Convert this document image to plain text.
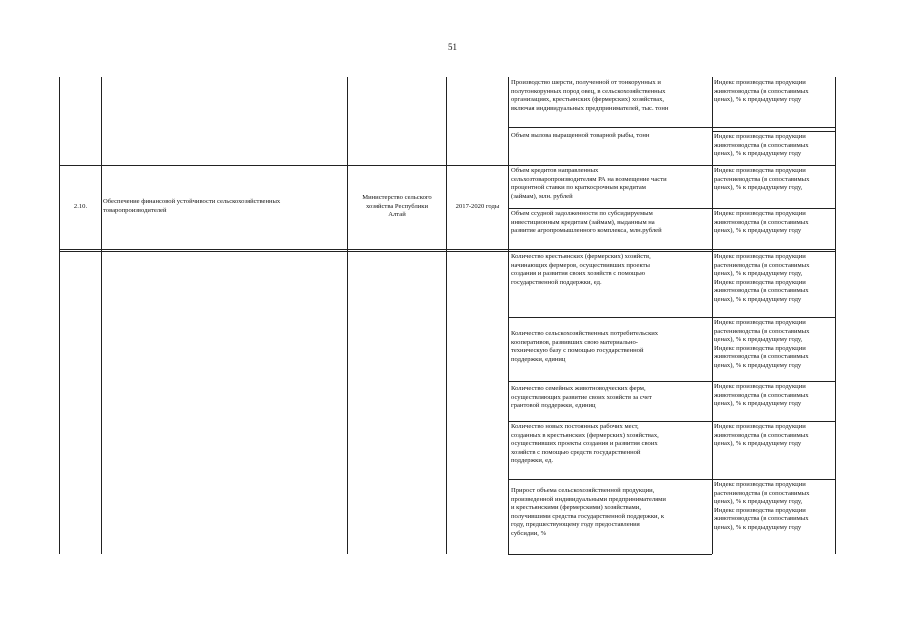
51
2.10.
Обеспечение финансовой устойчивости сельскохозяйственных
товаропроизводителей
Министерство сельского
хозяйства Республики
Алтай
2017-2020 годы
Производство шерсти, полученной от тонкорунных и
полутонкорунных пород овец, в сельскохозяйственных
организациях, крестьянских (фермерских) хозяйствах,
включая индивидуальных предпринимателей, тыс. тонн
Индекс производства продукции
животноводства (в сопоставимых
ценах), % к предыдущему году
Объем вылова выращенной товарной рыбы, тонн	Индекс производства продукции
животноводства (в сопоставимых
ценах), % к предыдущему году
Объем кредитов направленных
сельхозтоваропроизводителям РА на возмещение части
процентной ставки по краткосрочным кредитам
(займам), млн. рублей
Индекс производства продукции
растениеводства (в сопоставимых
ценах), % к предыдущему году,
Объем ссудной задолженности по субсидируемым
инвестиционным кредитам (займам), выданным на
развитие агропромышленного комплекса, млн.рублей
Индекс производства продукции
животноводства (в сопоставимых
ценах), % к предыдущему году
Количество крестьянских (фермерских) хозяйств,
начинающих фермеров, осуществивших проекты
создания и развития своих хозяйств с помощью
государственной поддержки, ед.
Индекс производства продукции
растениеводства (в сопоставимых
ценах), % к предыдущему году,
Индекс производства продукции
животноводства (в сопоставимых
ценах), % к предыдущему году
Количество сельскохозяйственных потребительских
кооперативов, развивших свою материально-
техническую базу с помощью государственной
поддержки, единиц
Индекс производства продукции
растениеводства (в сопоставимых
ценах), % к предыдущему году,
Индекс производства продукции
животноводства (в сопоставимых
ценах), % к предыдущему году
Количество семейных животноводческих ферм,
осуществляющих развитие своих хозяйств за счет
грантовой поддержки, единиц
Индекс производства продукции
животноводства (в сопоставимых
ценах), % к предыдущему году
Количество новых постоянных рабочих мест,
созданных в крестьянских (фермерских) хозяйствах,
осуществивших проекты создания и развития своих
хозяйств с помощью средств государственной
поддержки, ед.
Индекс производства продукции
животноводства (в сопоставимых
ценах), % к предыдущему году
Прирост объема сельскохозяйственной продукции,
произведенной индивидуальными предпринимателями
и крестьянскими (фермерскими) хозяйствами,
получившими средства государственной поддержки, к
году, предшествующему году предоставления
субсидии, %
Индекс производства продукции
растениеводства (в сопоставимых
ценах), % к предыдущему году,
Индекс производства продукции
животноводства (в сопоставимых
ценах), % к предыдущему году
